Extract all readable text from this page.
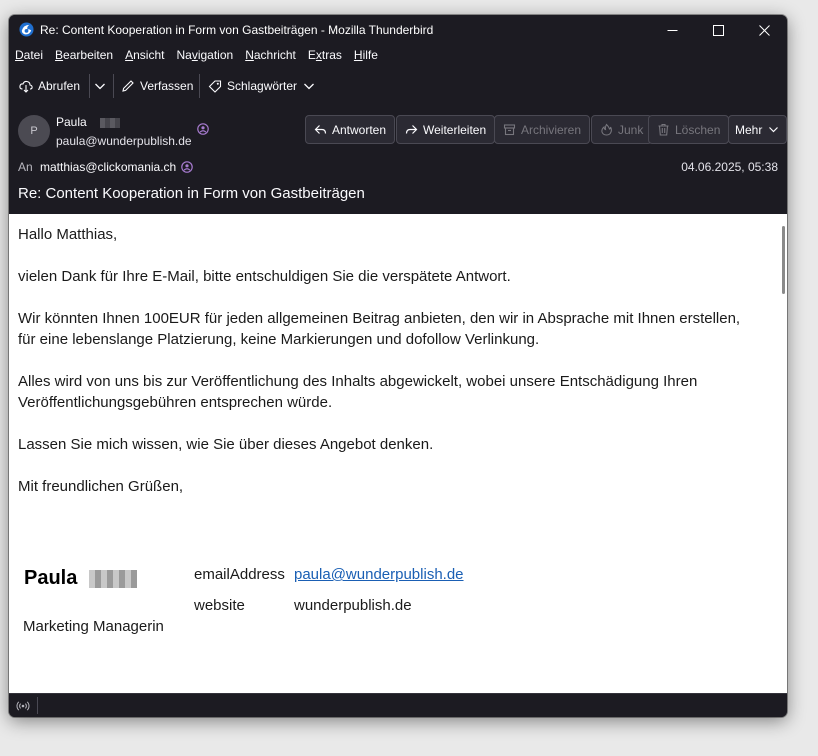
Re: Content Kooperation in Form von Gastbeiträgen - Mozilla Thunderbird
Datei Bearbeiten Ansicht Navigation Nachricht Extras Hilfe
Abrufen	Verfassen	Schlagwörter
P
Paula
paula@wunderpublish.de
Antworten	Weiterleiten	Archivieren	Junk	Löschen Mehr
An matthias@clickomania.ch	04.06.2025, 05:38
Re: Content Kooperation in Form von Gastbeiträgen
Hallo Matthias,
vielen Dank für Ihre E-Mail, bitte entschuldigen Sie die verspätete Antwort.
Wir könnten Ihnen 100EUR für jeden allgemeinen Beitrag anbieten, den wir in Absprache mit Ihnen erstellen,
für eine lebenslange Platzierung, keine Markierungen und dofollow Verlinkung.
Alles wird von uns bis zur Veröffentlichung des Inhalts abgewickelt, wobei unsere Entschädigung Ihren
Veröffentlichungsgebühren entsprechen würde.
Lassen Sie mich wissen, wie Sie über dieses Angebot denken.
Mit freundlichen Grüßen,
Paula
Marketing Managerin
emailAddress paula@wunderpublish.de
website	wunderpublish.de
